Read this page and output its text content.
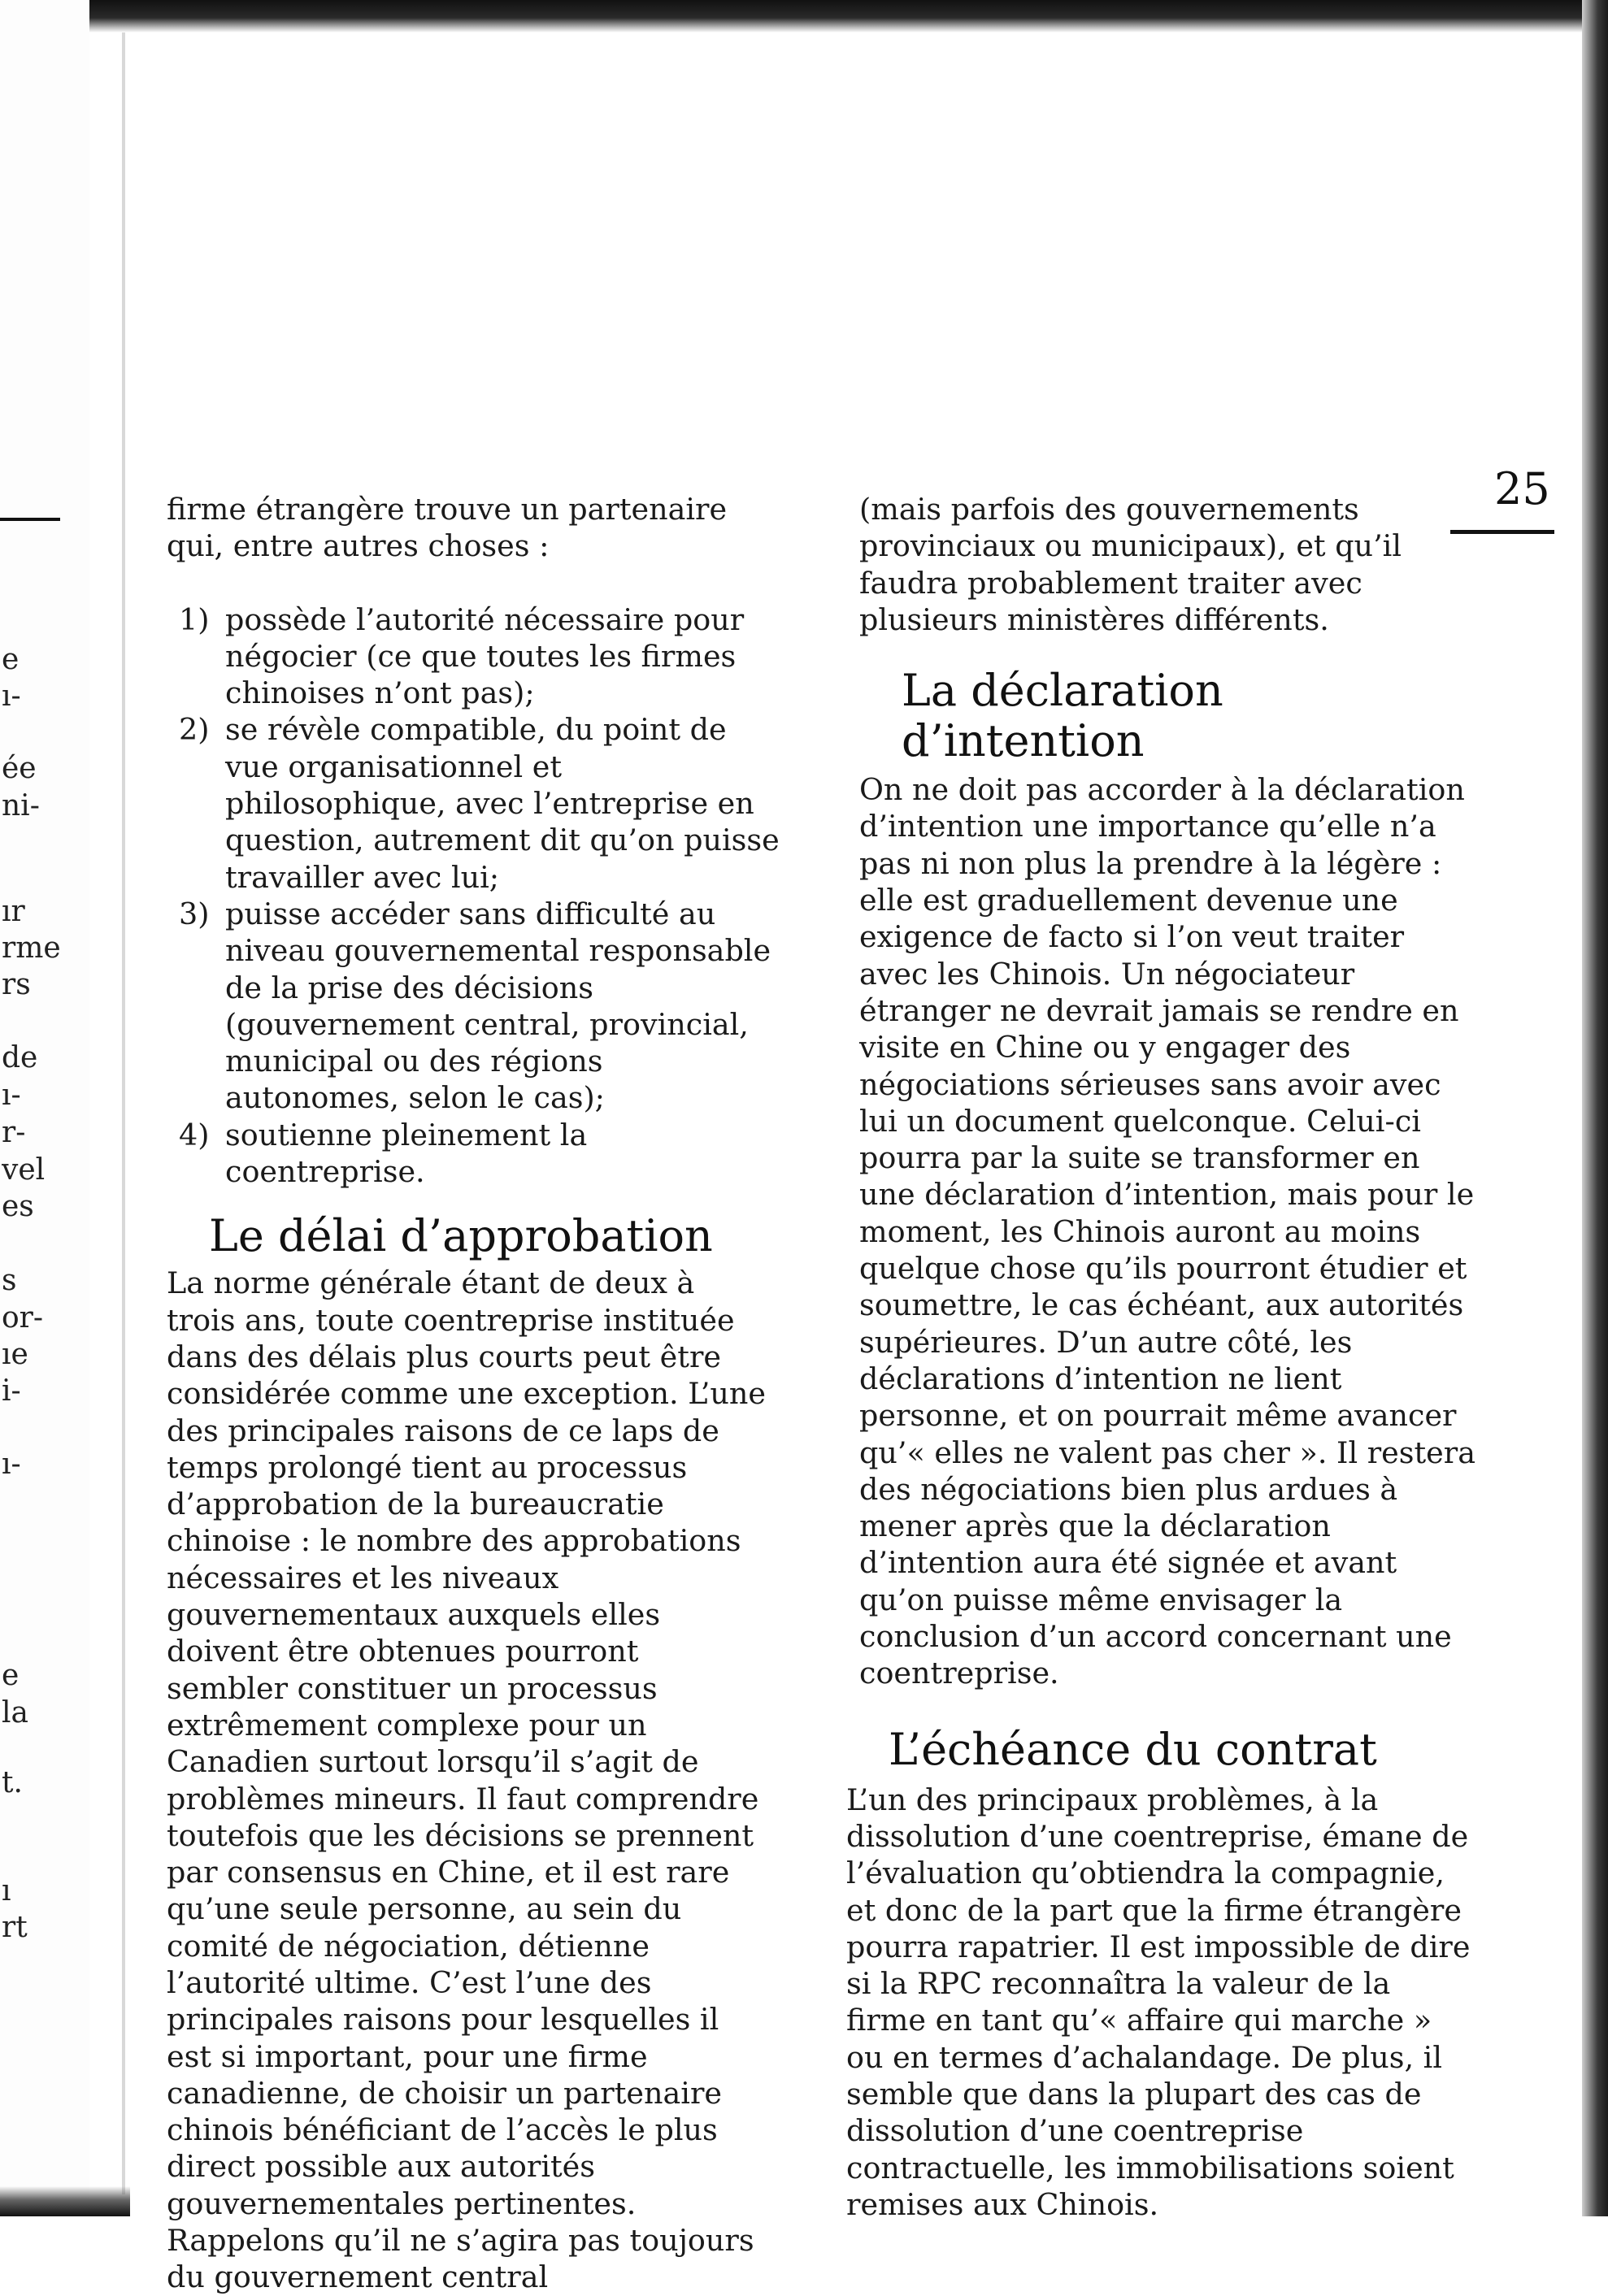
e
ı-
ée
ni-
ır
rme
rs
de
ı-
r-
vel
es
s
or-
ıe
i-
ı-
e
la
t.
ı
rt
25

firme étrangère trouve un partenaire qui, entre autres choses :

1) possède l’autorité nécessaire pour négocier (ce que toutes les firmes chinoises n’ont pas);
2) se révèle compatible, du point de vue organisationnel et philosophique, avec l’entreprise en question, autrement dit qu’on puisse travailler avec lui;
3) puisse accéder sans difficulté au niveau gouvernemental responsable de la prise des décisions (gouvernement central, provincial, municipal ou des régions autonomes, selon le cas);
4) soutienne pleinement la coentreprise.
Le délai d’approbation

La norme générale étant de deux à trois ans, toute coentreprise instituée dans des délais plus courts peut être considérée comme une exception. L’une des principales raisons de ce laps de temps prolongé tient au processus d’approbation de la bureaucratie chinoise : le nombre des approbations nécessaires et les niveaux gouvernementaux auxquels elles doivent être obtenues pourront sembler constituer un processus extrêmement complexe pour un Canadien surtout lorsqu’il s’agit de problèmes mineurs. Il faut comprendre toutefois que les décisions se prennent par consensus en Chine, et il est rare qu’une seule personne, au sein du comité de négociation, détienne l’autorité ultime. C’est l’une des principales raisons pour lesquelles il est si important, pour une firme canadienne, de choisir un partenaire chinois bénéficiant de l’accès le plus direct possible aux autorités gouvernementales pertinentes. Rappelons qu’il ne s’agira pas toujours du gouvernement central

(mais parfois des gouvernements provinciaux ou municipaux), et qu’il faudra probablement traiter avec plusieurs ministères différents.

La déclaration d’intention

On ne doit pas accorder à la déclaration d’intention une importance qu’elle n’a pas ni non plus la prendre à la légère : elle est graduellement devenue une exigence de facto si l’on veut traiter avec les Chinois. Un négociateur étranger ne devrait jamais se rendre en visite en Chine ou y engager des négociations sérieuses sans avoir avec lui un document quelconque. Celui-ci pourra par la suite se transformer en une déclaration d’intention, mais pour le moment, les Chinois auront au moins quelque chose qu’ils pourront étudier et soumettre, le cas échéant, aux autorités supérieures. D’un autre côté, les déclarations d’intention ne lient personne, et on pourrait même avancer qu’« elles ne valent pas cher ». Il restera des négociations bien plus ardues à mener après que la déclaration d’intention aura été signée et avant qu’on puisse même envisager la conclusion d’un accord concernant une coentreprise.

L’échéance du contrat

L’un des principaux problèmes, à la dissolution d’une coentreprise, émane de l’évaluation qu’obtiendra la compagnie, et donc de la part que la firme étrangère pourra rapatrier. Il est impossible de dire si la RPC reconnaîtra la valeur de la firme en tant qu’« affaire qui marche » ou en termes d’achalandage. De plus, il semble que dans la plupart des cas de dissolution d’une coentreprise contractuelle, les immobilisations soient remises aux Chinois.
